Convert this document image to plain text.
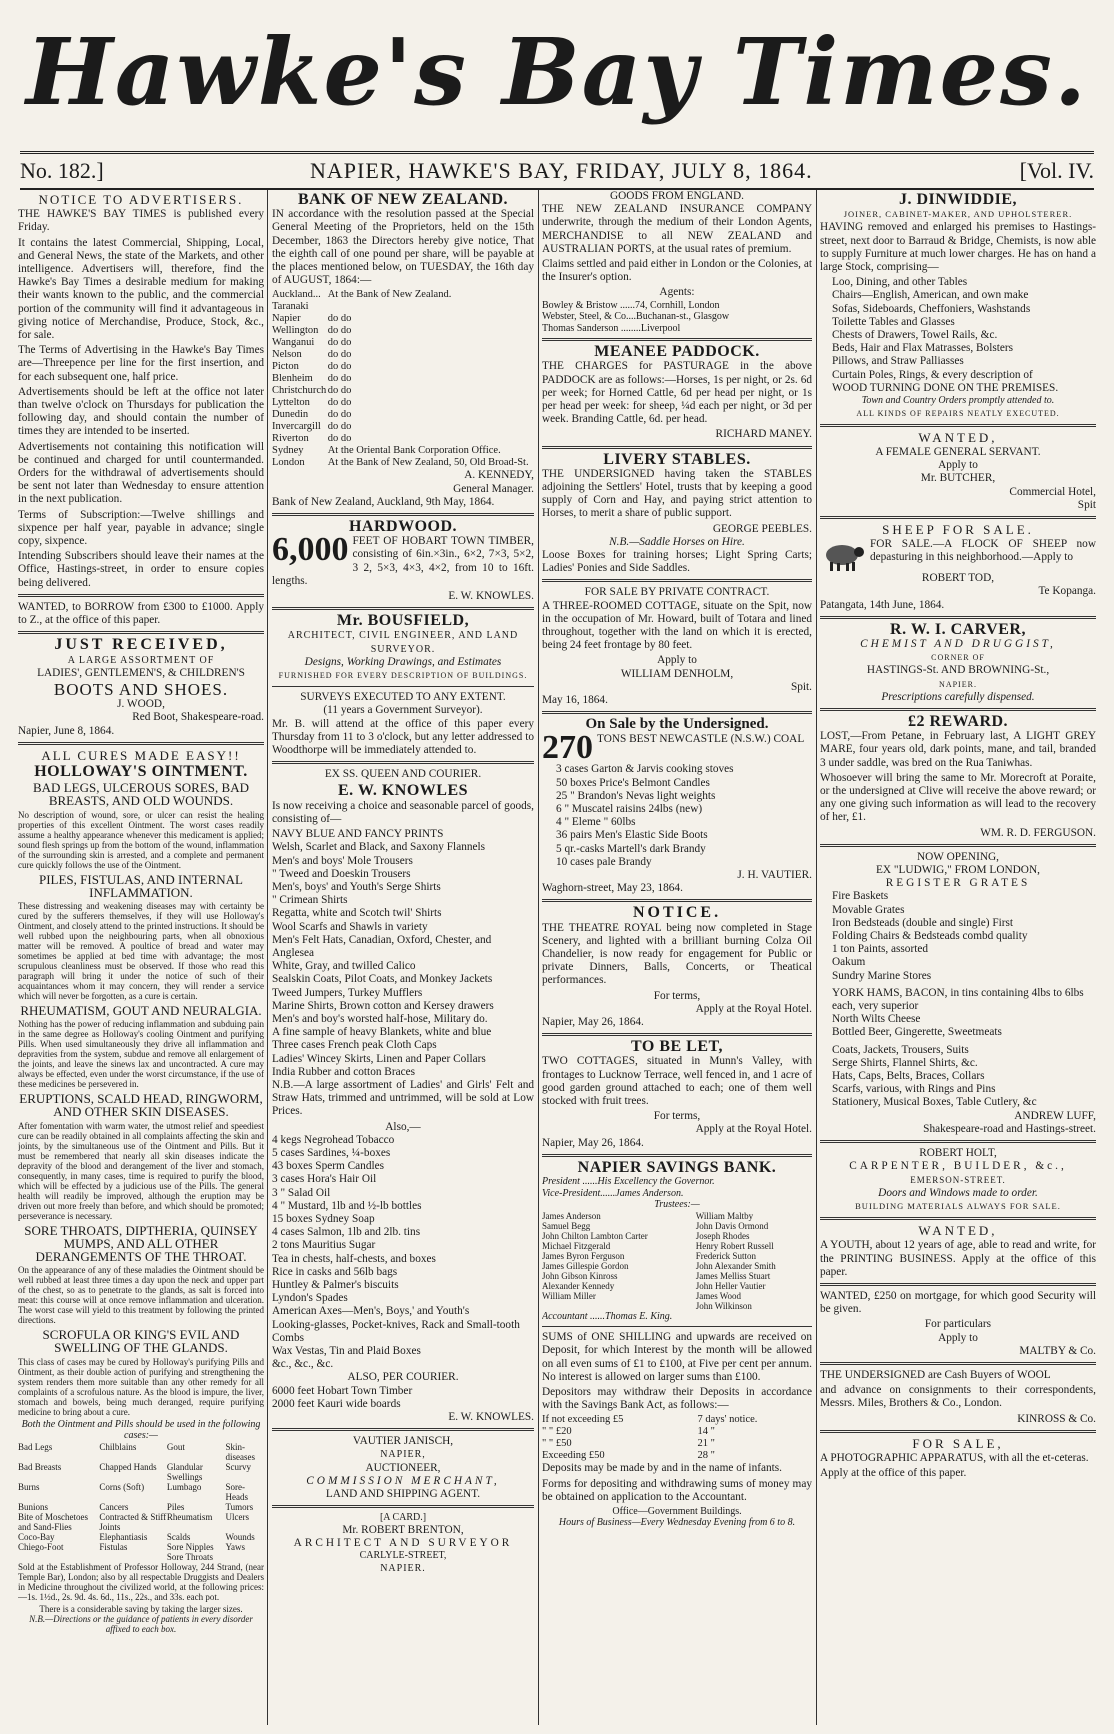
Hawke's Bay Times.
No. 182.]	NAPIER, HAWKE'S BAY, FRIDAY, JULY 8, 1864.	[Vol. IV.
NOTICE TO ADVERTISERS.

THE HAWKE'S BAY TIMES is published every Friday.

It contains the latest Commercial, Shipping, Local, and General News, the state of the Markets, and other intelligence. Advertisers will, therefore, find the Hawke's Bay Times a desirable medium for making their wants known to the public, and the commercial portion of the community will find it advantageous in giving notice of Merchandise, Produce, Stock, &c., for sale.

The Terms of Advertising in the Hawke's Bay Times are—Threepence per line for the first insertion, and for each subsequent one, half price.

Advertisements should be left at the office not later than twelve o'clock on Thursdays for publication the following day, and should contain the number of times they are intended to be inserted.

Advertisements not containing this notification will be continued and charged for until countermanded. Orders for the withdrawal of advertisements should be sent not later than Wednesday to ensure attention in the next publication.

Terms of Subscription:—Twelve shillings and sixpence per half year, payable in advance; single copy, sixpence.

Intending Subscribers should leave their names at the Office, Hastings-street, in order to ensure copies being delivered.

WANTED, to BORROW from £300 to £1000. Apply to Z., at the office of this paper.

JUST RECEIVED,
A LARGE ASSORTMENT OF
LADIES', GENTLEMEN'S, & CHILDREN'S
BOOTS AND SHOES.
J. WOOD,
Red Boot, Shakespeare-road.
Napier, June 8, 1864.
ALL CURES MADE EASY!!
HOLLOWAY'S OINTMENT.
BAD LEGS, ULCEROUS SORES, BAD BREASTS, AND OLD WOUNDS.

No description of wound, sore, or ulcer can resist the healing properties of this excellent Ointment. The worst cases readily assume a healthy appearance whenever this medicament is applied; sound flesh springs up from the bottom of the wound, inflammation of the surrounding skin is arrested, and a complete and permanent cure quickly follows the use of the Ointment.

PILES, FISTULAS, AND INTERNAL INFLAMMATION.

These distressing and weakening diseases may with certainty be cured by the sufferers themselves, if they will use Holloway's Ointment, and closely attend to the printed instructions. It should be well rubbed upon the neighbouring parts, when all obnoxious matter will be removed. A poultice of bread and water may sometimes be applied at bed time with advantage; the most scrupulous cleanliness must be observed. If those who read this paragraph will bring it under the notice of such of their acquaintances whom it may concern, they will render a service which will never be forgotten, as a cure is certain.

RHEUMATISM, GOUT AND NEURALGIA.

Nothing has the power of reducing inflammation and subduing pain in the same degree as Holloway's cooling Ointment and purifying Pills. When used simultaneously they drive all inflammation and depravities from the system, subdue and remove all enlargement of the joints, and leave the sinews lax and uncontracted. A cure may always be effected, even under the worst circumstance, if the use of these medicines be persevered in.

ERUPTIONS, SCALD HEAD, RINGWORM, AND OTHER SKIN DISEASES.

After fomentation with warm water, the utmost relief and speediest cure can be readily obtained in all complaints affecting the skin and joints, by the simultaneous use of the Ointment and Pills. But it must be remembered that nearly all skin diseases indicate the depravity of the blood and derangement of the liver and stomach, consequently, in many cases, time is required to purify the blood, which will be effected by a judicious use of the Pills. The general health will readily be improved, although the eruption may be driven out more freely than before, and which should be promoted; perseverance is necessary.

SORE THROATS, DIPTHERIA, QUINSEY MUMPS, AND ALL OTHER DERANGEMENTS OF THE THROAT.

On the appearance of any of these maladies the Ointment should be well rubbed at least three times a day upon the neck and upper part of the chest, so as to penetrate to the glands, as salt is forced into meat: this course will at once remove inflammation and ulceration. The worst case will yield to this treatment by following the printed directions.

SCROFULA OR KING'S EVIL AND SWELLING OF THE GLANDS.

This class of cases may be cured by Holloway's purifying Pills and Ointment, as their double action of purifying and strengthening the system renders them more suitable than any other remedy for all complaints of a scrofulous nature. As the blood is impure, the liver, stomach and bowels, being much deranged, require purifying medicine to bring about a cure.

Both the Ointment and Pills should be used in the following cases:—
Bad Legs	Chilblains	Gout	Skin-diseases
Bad Breasts	Chapped Hands	Glandular Swellings	Scurvy
Burns	Corns (Soft)	Lumbago	Sore-Heads
Bunions	Cancers	Piles	Tumors
Bite of Moschetoes and Sand-Flies	Contracted & Stiff Joints	Rheumatism	Ulcers
Coco-Bay	Elephantiasis	Scalds	Wounds
Chiego-Foot	Fistulas	Sore Nipples	Yaws
		Sore Throats	

Sold at the Establishment of Professor Holloway, 244 Strand, (near Temple Bar), London; also by all respectable Druggists and Dealers in Medicine throughout the civilized world, at the following prices:—1s. 1½d., 2s. 9d. 4s. 6d., 11s., 22s., and 33s. each pot.

There is a considerable saving by taking the larger sizes.
N.B.—Directions or the guidance of patients in every disorder affixed to each box.
BANK OF NEW ZEALAND.

IN accordance with the resolution passed at the Special General Meeting of the Proprietors, held on the 15th December, 1863 the Directors hereby give notice, That the eighth call of one pound per share, will be payable at the places mentioned below, on TUESDAY, the 16th day of AUGUST, 1864:—

Auckland...	At the Bank of New Zealand.
Taranaki	
Napier	do do
Wellington	do do
Wanganui	do do
Nelson	do do
Picton	do do
Blenheim	do do
Christchurch	do do
Lyttelton	do do
Dunedin	do do
Invercargill	do do
Riverton	do do
Sydney	At the Oriental Bank Corporation Office.
London	At the Bank of New Zealand, 50, Old Broad-St.
A. KENNEDY,
General Manager.
Bank of New Zealand, Auckland, 9th May, 1864.
HARDWOOD.

6,000 FEET OF HOBART TOWN TIMBER, consisting of 6in.×3in., 6×2, 7×3, 5×2, 3 2, 5×3, 4×3, 4×2, from 10 to 16ft. lengths.

E. W. KNOWLES.
Mr. BOUSFIELD,
ARCHITECT, CIVIL ENGINEER, AND LAND SURVEYOR.
Designs, Working Drawings, and Estimates
FURNISHED FOR EVERY DESCRIPTION OF BUILDINGS.
SURVEYS EXECUTED TO ANY EXTENT.
(11 years a Government Surveyor).

Mr. B. will attend at the office of this paper every Thursday from 11 to 3 o'clock, but any letter addressed to Woodthorpe will be immediately attended to.

EX SS. QUEEN AND COURIER.
E. W. KNOWLES

Is now receiving a choice and seasonable parcel of goods, consisting of—

NAVY BLUE AND FANCY PRINTS
Welsh, Scarlet and Black, and Saxony Flannels
Men's and boys' Mole Trousers
" Tweed and Doeskin Trousers
Men's, boys' and Youth's Serge Shirts
" Crimean Shirts
Regatta, white and Scotch twil' Shirts
Wool Scarfs and Shawls in variety
Men's Felt Hats, Canadian, Oxford, Chester, and Anglesea
White, Gray, and twilled Calico
Sealskin Coats, Pilot Coats, and Monkey Jackets
Tweed Jumpers, Turkey Mufflers
Marine Shirts, Brown cotton and Kersey drawers
Men's and boy's worsted half-hose, Military do.
A fine sample of heavy Blankets, white and blue
Three cases French peak Cloth Caps
Ladies' Wincey Skirts, Linen and Paper Collars
India Rubber and cotton Braces

N.B.—A large assortment of Ladies' and Girls' Felt and Straw Hats, trimmed and untrimmed, will be sold at Low Prices.

Also,—
4 kegs Negrohead Tobacco
5 cases Sardines, ¼-boxes
43 boxes Sperm Candles
3 cases Hora's Hair Oil
3 " Salad Oil
4 " Mustard, 1lb and ½-lb bottles
15 boxes Sydney Soap
4 cases Salmon, 1lb and 2lb. tins
2 tons Mauritius Sugar
Tea in chests, half-chests, and boxes
Rice in casks and 56lb bags
Huntley & Palmer's biscuits
Lyndon's Spades
American Axes—Men's, Boys,' and Youth's
Looking-glasses, Pocket-knives, Rack and Small-tooth Combs
Wax Vestas, Tin and Plaid Boxes
&c., &c., &c.
ALSO, PER COURIER.
6000 feet Hobart Town Timber
2000 feet Kauri wide boards
E. W. KNOWLES.
VAUTIER JANISCH,
NAPIER,
AUCTIONEER,
COMMISSION MERCHANT,
LAND AND SHIPPING AGENT.
[A CARD.]
Mr. ROBERT BRENTON,
ARCHITECT AND SURVEYOR
CARLYLE-STREET,
NAPIER.
GOODS FROM ENGLAND.

THE NEW ZEALAND INSURANCE COMPANY underwrite, through the medium of their London Agents, MERCHANDISE to all NEW ZEALAND and AUSTRALIAN PORTS, at the usual rates of premium.

Claims settled and paid either in London or the Colonies, at the Insurer's option.

Agents:
Bowley & Bristow ......74, Cornhill, London
Webster, Steel, & Co....Buchanan-st., Glasgow
Thomas Sanderson ........Liverpool
MEANEE PADDOCK.

THE CHARGES for PASTURAGE in the above PADDOCK are as follows:—Horses, 1s per night, or 2s. 6d per week; for Horned Cattle, 6d per head per night, or 1s per head per week: for sheep, ¼d each per night, or 3d per week. Branding Cattle, 6d. per head.

RICHARD MANEY.
LIVERY STABLES.

THE UNDERSIGNED having taken the STABLES adjoining the Settlers' Hotel, trusts that by keeping a good supply of Corn and Hay, and paying strict attention to Horses, to merit a share of public support.

GEORGE PEEBLES.
N.B.—Saddle Horses on Hire.

Loose Boxes for training horses; Light Spring Carts; Ladies' Ponies and Side Saddles.

FOR SALE BY PRIVATE CONTRACT.

A THREE-ROOMED COTTAGE, situate on the Spit, now in the occupation of Mr. Howard, built of Totara and lined throughout, together with the land on which it is erected, being 24 feet frontage by 80 feet.

Apply to
WILLIAM DENHOLM,
Spit.
May 16, 1864.
On Sale by the Undersigned.

270 TONS BEST NEWCASTLE (N.S.W.) COAL

3 cases Garton & Jarvis cooking stoves
50 boxes Price's Belmont Candles
25 " Brandon's Nevas light weights
6 " Muscatel raisins 24lbs (new)
4 " Eleme " 60lbs
36 pairs Men's Elastic Side Boots
5 qr.-casks Martell's dark Brandy
10 cases pale Brandy
J. H. VAUTIER.
Waghorn-street, May 23, 1864.
NOTICE.

THE THEATRE ROYAL being now completed in Stage Scenery, and lighted with a brilliant burning Colza Oil Chandelier, is now ready for engagement for Public or private Dinners, Balls, Concerts, or Theatical performances.

For terms,
Apply at the Royal Hotel.
Napier, May 26, 1864.
TO BE LET,

TWO COTTAGES, situated in Munn's Valley, with frontages to Lucknow Terrace, well fenced in, and 1 acre of good garden ground attached to each; one of them well stocked with fruit trees.

For terms,
Apply at the Royal Hotel.
Napier, May 26, 1864.
NAPIER SAVINGS BANK.
President ......His Excellency the Governor.
Vice-President......James Anderson.
Trustees:—
James Anderson	William Maltby
Samuel Begg	John Davis Ormond
John Chilton Lambton Carter	Joseph Rhodes
Michael Fitzgerald	Henry Robert Russell
James Byron Ferguson	Frederick Sutton
James Gillespie Gordon	John Alexander Smith
John Gibson Kinross	James Melliss Stuart
Alexander Kennedy	John Heller Vautier
William Miller	James Wood
	John Wilkinson
Accountant ......Thomas E. King.

SUMS of ONE SHILLING and upwards are received on Deposit, for which Interest by the month will be allowed on all even sums of £1 to £100, at Five per cent per annum. No interest is allowed on larger sums than £100.

Depositors may withdraw their Deposits in accordance with the Savings Bank Act, as follows:—

If not exceeding £5	7 days' notice.
" " £20	14 "
" " £50	21 "
Exceeding £50	28 "

Deposits may be made by and in the name of infants.

Forms for depositing and withdrawing sums of money may be obtained on application to the Accountant.

Office—Government Buildings.
Hours of Business—Every Wednesday Evening from 6 to 8.
J. DINWIDDIE,
JOINER, CABINET-MAKER, AND UPHOLSTERER.

HAVING removed and enlarged his premises to Hastings-street, next door to Barraud & Bridge, Chemists, is now able to supply Furniture at much lower charges. He has on hand a large Stock, comprising—

Loo, Dining, and other Tables
Chairs—English, American, and own make
Sofas, Sideboards, Cheffoniers, Washstands
Toilette Tables and Glasses
Chests of Drawers, Towel Rails, &c.
Beds, Hair and Flax Matrasses, Bolsters
Pillows, and Straw Palliasses
Curtain Poles, Rings, & every description of
WOOD TURNING DONE ON THE PREMISES.
Town and Country Orders promptly attended to.
ALL KINDS OF REPAIRS NEATLY EXECUTED.
WANTED,
A FEMALE GENERAL SERVANT.
Apply to
Mr. BUTCHER,
Commercial Hotel,
Spit
SHEEP FOR SALE.

FOR SALE.—A FLOCK OF SHEEP now depasturing in this neighborhood.—Apply to

ROBERT TOD,
Te Kopanga.
Patangata, 14th June, 1864.
R. W. I. CARVER,
CHEMIST AND DRUGGIST,
CORNER OF
HASTINGS-St. AND BROWNING-St.,
NAPIER.
Prescriptions carefully dispensed.
£2 REWARD.

LOST,—From Petane, in February last, A LIGHT GREY MARE, four years old, dark points, mane, and tail, branded 3 under saddle, was bred on the Rua Taniwhas.

Whosoever will bring the same to Mr. Morecroft at Poraite, or the undersigned at Clive will receive the above reward; or any one giving such information as will lead to the recovery of her, £1.

WM. R. D. FERGUSON.
NOW OPENING,
EX "LUDWIG," FROM LONDON,
REGISTER GRATES
Fire Baskets
Movable Grates
Iron Bedsteads (double and single) First
Folding Chairs & Bedsteads combd quality
1 ton Paints, assorted
Oakum
Sundry Marine Stores
YORK HAMS, BACON, in tins containing 4lbs to 6lbs each, very superior
North Wilts Cheese
Bottled Beer, Gingerette, Sweetmeats
Coats, Jackets, Trousers, Suits
Serge Shirts, Flannel Shirts, &c.
Hats, Caps, Belts, Braces, Collars
Scarfs, various, with Rings and Pins
Stationery, Musical Boxes, Table Cutlery, &c
ANDREW LUFF,
Shakespeare-road and Hastings-street.
ROBERT HOLT,
CARPENTER, BUILDER, &c.,
EMERSON-STREET.
Doors and Windows made to order.
BUILDING MATERIALS ALWAYS FOR SALE.
WANTED,

A YOUTH, about 12 years of age, able to read and write, for the PRINTING BUSINESS. Apply at the office of this paper.

WANTED, £250 on mortgage, for which good Security will be given.

For particulars
Apply to
MALTBY & Co.

THE UNDERSIGNED are Cash Buyers of WOOL

and advance on consignments to their correspondents, Messrs. Miles, Brothers & Co., London.

KINROSS & Co.
FOR SALE,

A PHOTOGRAPHIC APPARATUS, with all the et-ceteras.

Apply at the office of this paper.
